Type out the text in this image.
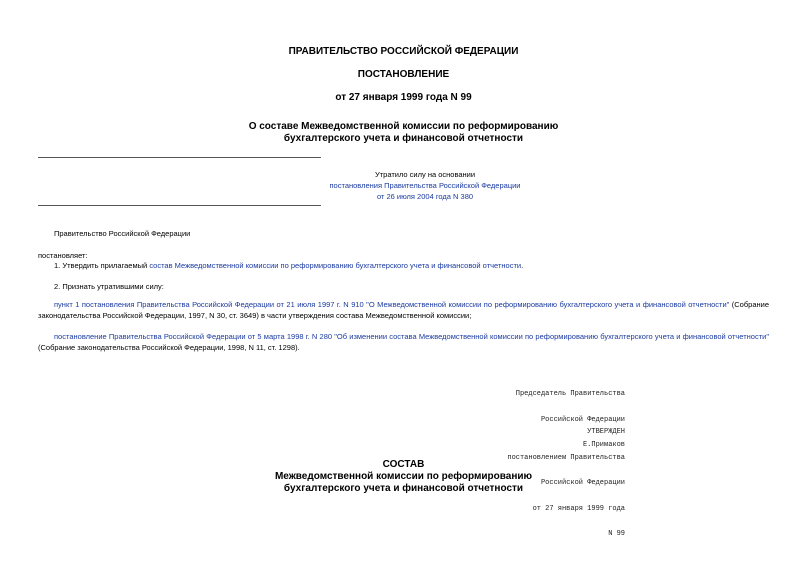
ПРАВИТЕЛЬСТВО РОССИЙСКОЙ ФЕДЕРАЦИИ
ПОСТАНОВЛЕНИЕ
от 27 января 1999 года N 99
О составе Межведомственной комиссии по реформированию
бухгалтерского учета и финансовой отчетности
Утратило силу на основании
постановления Правительства Российской Федерации
от 26 июля 2004 года N 380
Правительство Российской Федерации
постановляет:
1. Утвердить прилагаемый состав Межведомственной комиссии по реформированию бухгалтерского учета и финансовой отчетности.
2. Признать утратившими силу:
пункт 1 постановления Правительства Российской Федерации от 21 июля 1997 г. N 910 "О Межведомственной комиссии по реформированию бухгалтерского учета и финансовой отчетности" (Собрание законодательства Российской Федерации, 1997, N 30, ст. 3649) в части утверждения состава Межведомственной комиссии;
постановление Правительства Российской Федерации от 5 марта 1998 г. N 280 "Об изменении состава Межведомственной комиссии по реформированию бухгалтерского учета и финансовой отчетности" (Собрание законодательства Российской Федерации, 1998, N 11, ст. 1298).

Председатель Правительства

Российской Федерации

Е.Примаков

УТВЕРЖДЕН

постановлением Правительства

Российской Федерации

от 27 января 1999 года

N 99

СОСТАВ
Межведомственной комиссии по реформированию
бухгалтерского учета и финансовой отчетности
